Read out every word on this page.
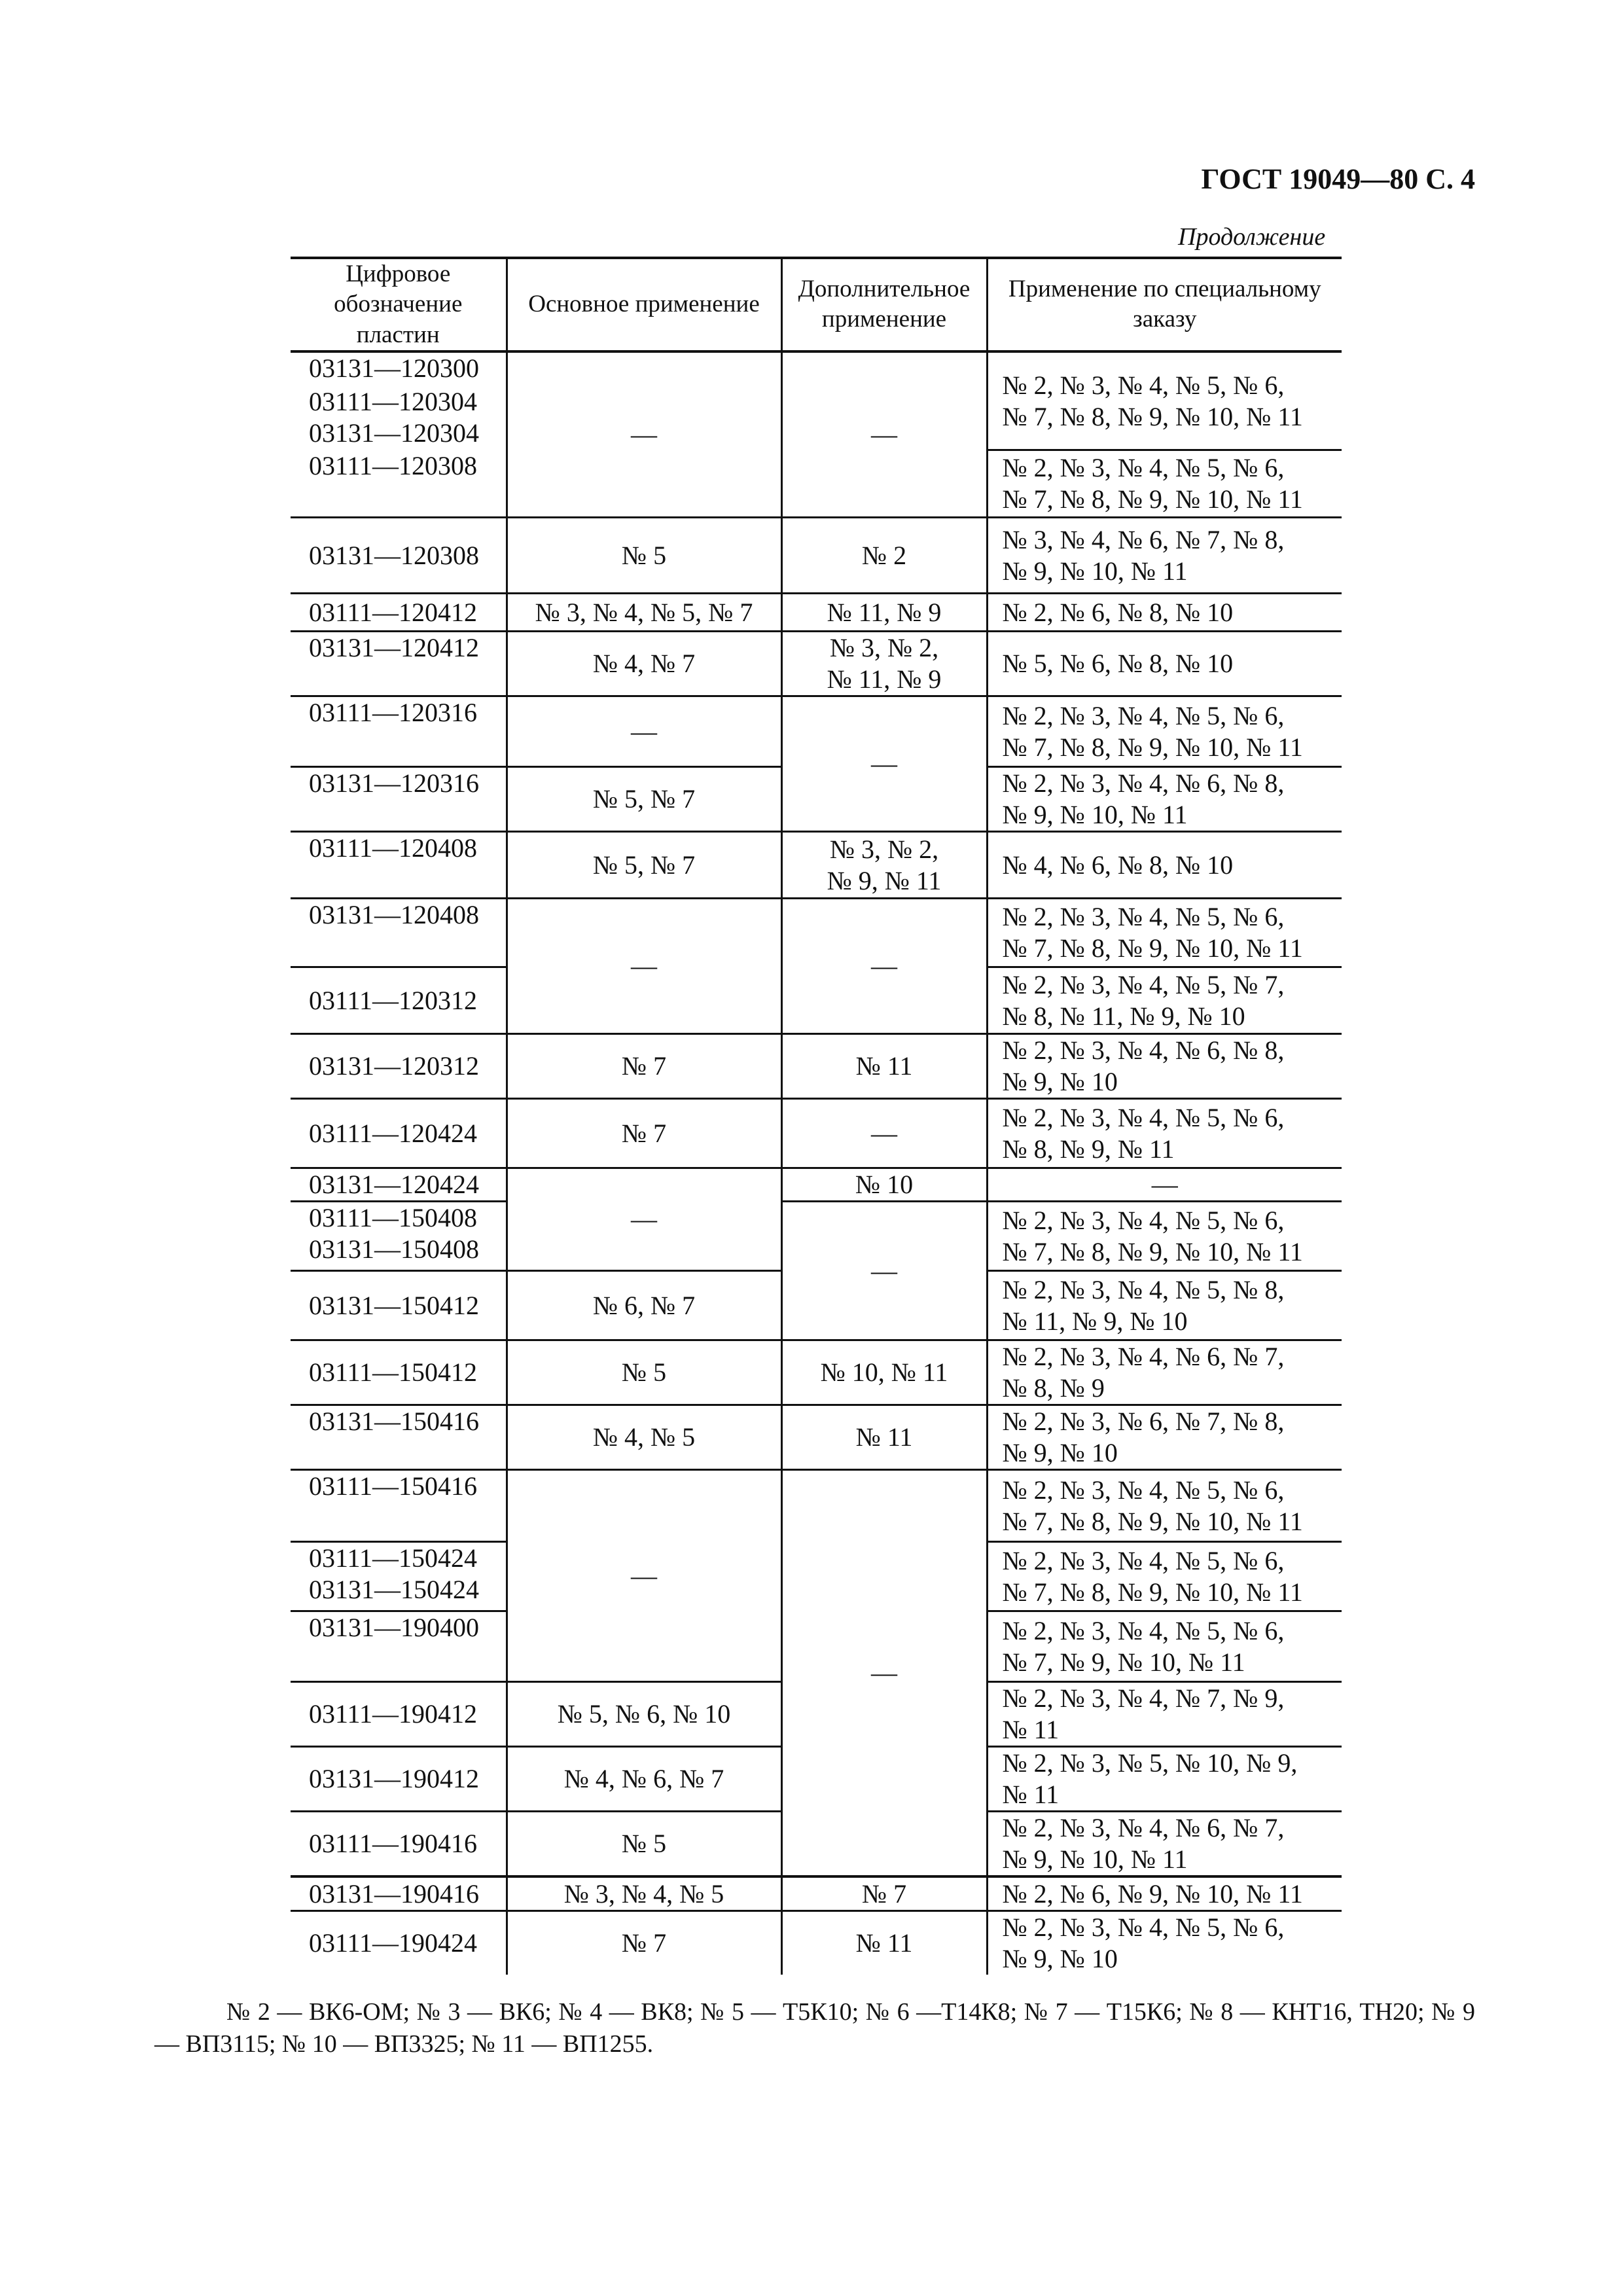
ГОСТ 19049—80 С. 4
Продолжение
Цифровое обозначение пластин	Основное применение	Дополнительное применение	Применение по специальному заказу
03131—120300	—	—	№ 2, № 3, № 4, № 5, № 6,
№ 7, № 8, № 9, № 10, № 11
03111—120304
03131—120304			
03111—120308			№ 2, № 3, № 4, № 5, № 6,
№ 7, № 8, № 9, № 10, № 11
03131—120308	№ 5	№ 2	№ 3, № 4, № 6, № 7, № 8,
№ 9, № 10, № 11
03111—120412	№ 3, № 4, № 5, № 7	№ 11, № 9	№ 2, № 6, № 8, № 10
03131—120412	№ 4, № 7	№ 3, № 2,
№ 11, № 9	№ 5, № 6, № 8, № 10
03111—120316	—	—	№ 2, № 3, № 4, № 5, № 6,
№ 7, № 8, № 9, № 10, № 11
03131—120316	№ 5, № 7		№ 2, № 3, № 4, № 6, № 8,
№ 9, № 10, № 11
03111—120408	№ 5, № 7	№ 3, № 2,
№ 9, № 11	№ 4, № 6, № 8, № 10
03131—120408	—	—	№ 2, № 3, № 4, № 5, № 6,
№ 7, № 8, № 9, № 10, № 11
03111—120312			№ 2, № 3, № 4, № 5, № 7,
№ 8, № 11, № 9, № 10
03131—120312	№ 7	№ 11	№ 2, № 3, № 4, № 6, № 8,
№ 9, № 10
03111—120424	№ 7	—	№ 2, № 3, № 4, № 5, № 6,
№ 8, № 9, № 11
03131—120424	—	№ 10	—
03111—150408
03131—150408		—	№ 2, № 3, № 4, № 5, № 6,
№ 7, № 8, № 9, № 10, № 11
03131—150412	№ 6, № 7		№ 2, № 3, № 4, № 5, № 8,
№ 11, № 9, № 10
03111—150412	№ 5	№ 10, № 11	№ 2, № 3, № 4, № 6, № 7,
№ 8, № 9
03131—150416	№ 4, № 5	№ 11	№ 2, № 3, № 6, № 7, № 8,
№ 9, № 10
03111—150416	—	—	№ 2, № 3, № 4, № 5, № 6,
№ 7, № 8, № 9, № 10, № 11
03111—150424
03131—150424			№ 2, № 3, № 4, № 5, № 6,
№ 7, № 8, № 9, № 10, № 11
03131—190400			№ 2, № 3, № 4, № 5, № 6,
№ 7, № 9, № 10, № 11
03111—190412	№ 5, № 6, № 10		№ 2, № 3, № 4, № 7, № 9,
№ 11
03131—190412	№ 4, № 6, № 7		№ 2, № 3, № 5, № 10, № 9,
№ 11
03111—190416	№ 5		№ 2, № 3, № 4, № 6, № 7,
№ 9, № 10, № 11
03131—190416	№ 3, № 4, № 5	№ 7	№ 2, № 6, № 9, № 10, № 11
03111—190424	№ 7	№ 11	№ 2, № 3, № 4, № 5, № 6,
№ 9, № 10
№ 2 — ВК6-ОМ; № 3 — ВК6; № 4 — ВК8; № 5 — Т5К10; № 6 —Т14К8; № 7 — Т15К6; № 8 — КНТ16, ТН20; № 9 — ВП3115; № 10 — ВП3325; № 11 — ВП1255.
